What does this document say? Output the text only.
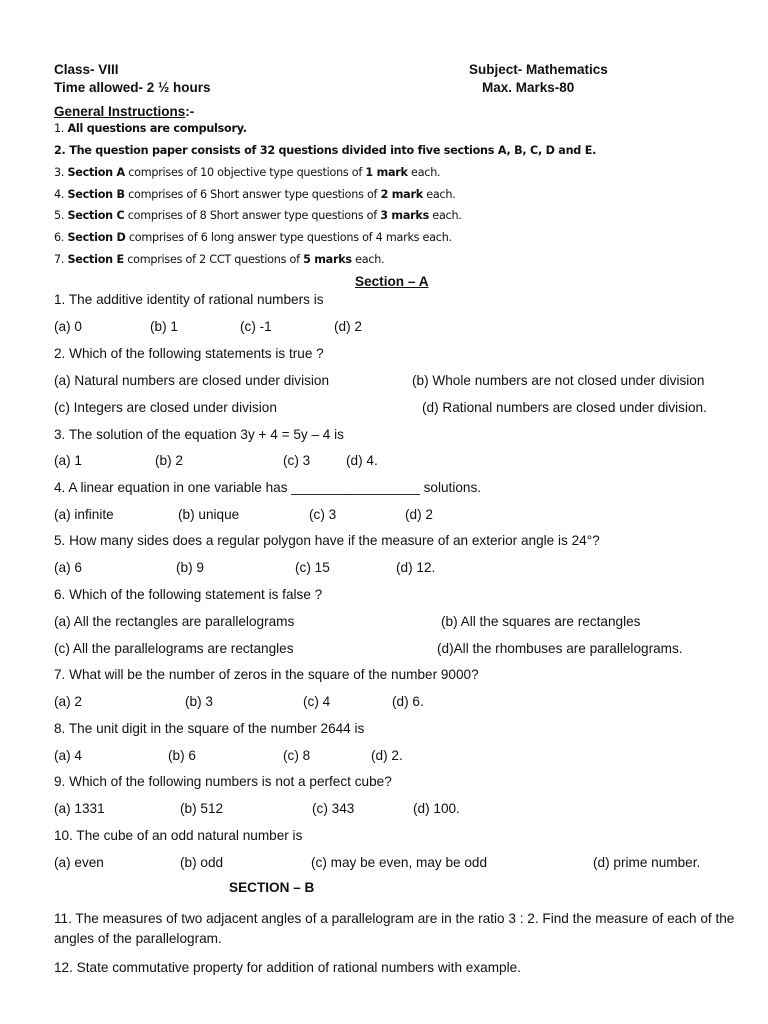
Class- VIII	Subject- Mathematics
Time allowed- 2 ½ hours	Max. Marks-80
General Instructions:-
1. All questions are compulsory.
2. The question paper consists of 32 questions divided into five sections A, B, C, D and E.
3. Section A comprises of 10 objective type questions of 1 mark each.
4. Section B comprises of 6 Short answer type questions of 2 mark each.
5. Section C comprises of 8 Short answer type questions of 3 marks each.
6. Section D comprises of 6 long answer type questions of 4 marks each.
7. Section E comprises of 2 CCT questions of 5 marks each.
Section – A
1. The additive identity of rational numbers is
(a) 0	(b) 1	(c) -1	(d) 2
2. Which of the following statements is true ?
(a) Natural numbers are closed under division	(b) Whole numbers are not closed under division
(c) Integers are closed under division	(d) Rational numbers are closed under division.
3. The solution of the equation 3y + 4 = 5y – 4 is
(a) 1	(b) 2	(c) 3	(d) 4.
4. A linear equation in one variable has _________________ solutions.
(a) infinite	(b) unique	(c) 3	(d) 2
5. How many sides does a regular polygon have if the measure of an exterior angle is 24°?
(a) 6	(b) 9	(c) 15	(d) 12.
6. Which of the following statement is false ?
(a) All the rectangles are parallelograms	(b) All the squares are rectangles
(c) All the parallelograms are rectangles	(d)All the rhombuses are parallelograms.
7. What will be the number of zeros in the square of the number 9000?
(a) 2	(b) 3	(c) 4	(d) 6.
8. The unit digit in the square of the number 2644 is
(a) 4	(b) 6	(c) 8	(d) 2.
9. Which of the following numbers is not a perfect cube?
(a) 1331	(b) 512	(c) 343	(d) 100.
10. The cube of an odd natural number is
(a) even	(b) odd	(c) may be even, may be odd	(d) prime number.
SECTION – B
11. The measures of two adjacent angles of a parallelogram are in the ratio 3 : 2. Find the measure of each of the angles of the parallelogram.
12. State commutative property for addition of rational numbers with example.
